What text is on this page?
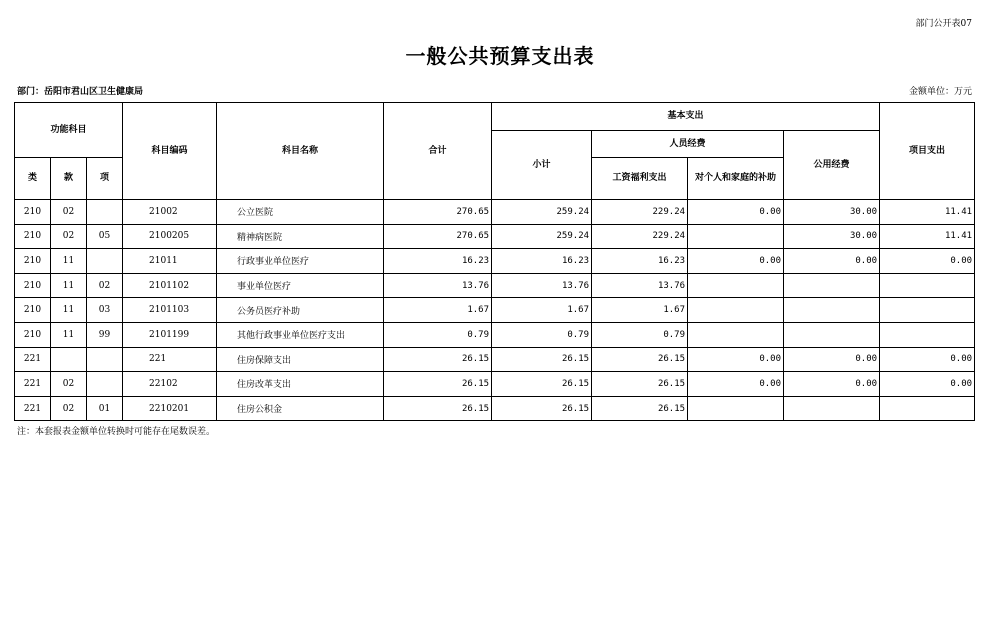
部门公开表07
一般公共预算支出表
部门：岳阳市君山区卫生健康局	金额单位：万元
功能科目			科目编码	科目名称	合计	基本支出				项目支出
						小计	人员经费		公用经费	
类	款	项					工资福利支出	对个人和家庭的补助		
210	02		21002	公立医院	270.65	259.24	229.24	0.00	30.00	11.41
210	02	05	2100205	精神病医院	270.65	259.24	229.24		30.00	11.41
210	11		21011	行政事业单位医疗	16.23	16.23	16.23	0.00	0.00	0.00
210	11	02	2101102	事业单位医疗	13.76	13.76	13.76			
210	11	03	2101103	公务员医疗补助	1.67	1.67	1.67			
210	11	99	2101199	其他行政事业单位医疗支出	0.79	0.79	0.79			
221			221	住房保障支出	26.15	26.15	26.15	0.00	0.00	0.00
221	02		22102	住房改革支出	26.15	26.15	26.15	0.00	0.00	0.00
221	02	01	2210201	住房公积金	26.15	26.15	26.15			
注：本套报表金额单位转换时可能存在尾数误差。
